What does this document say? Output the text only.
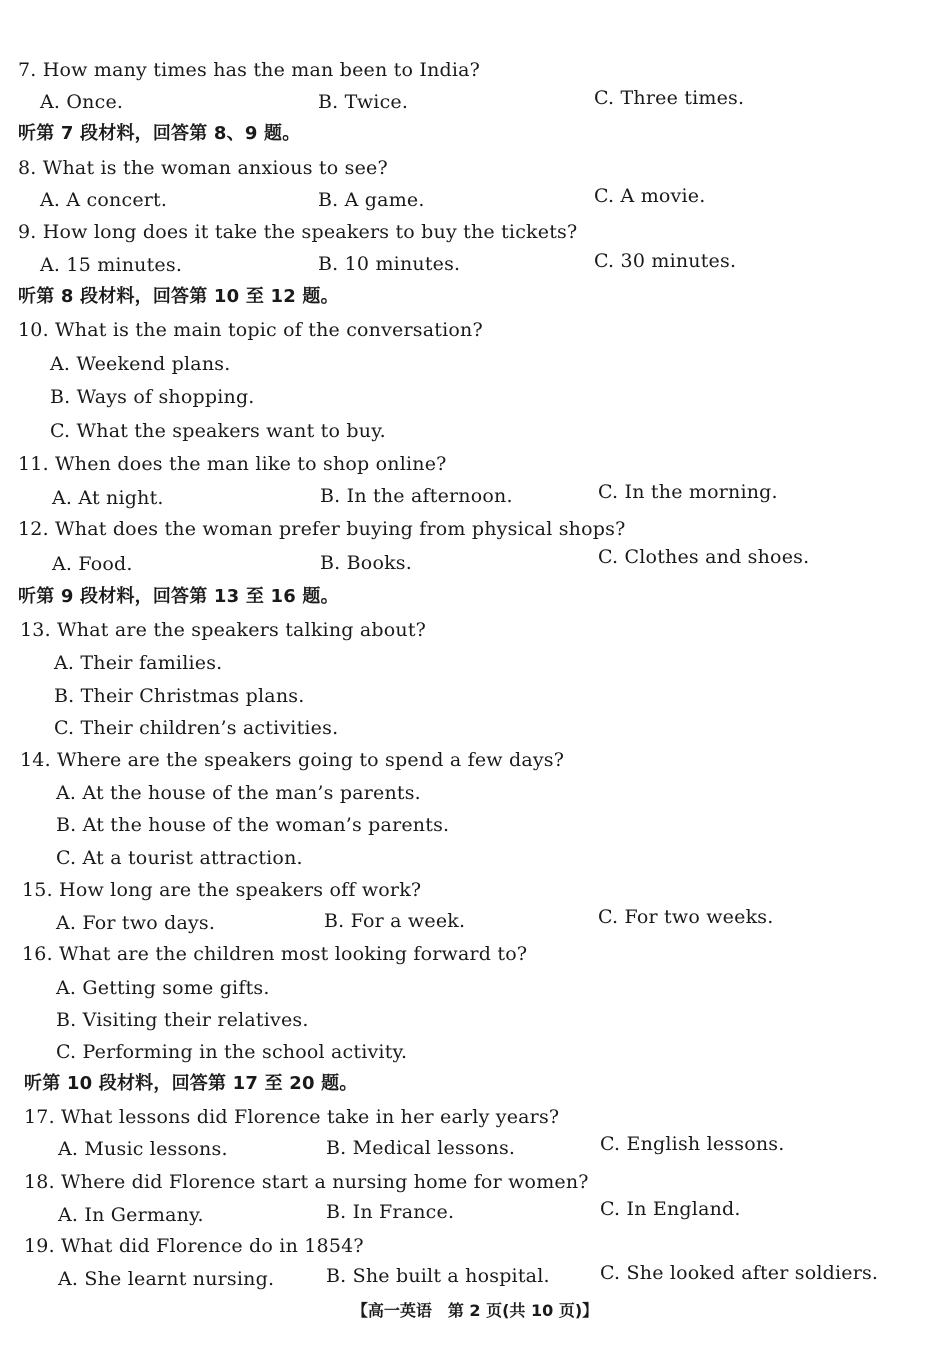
7. How many times has the man been to India?
A. Once.	B. Twice.	C. Three times.
听第 7 段材料，回答第 8、9 题。
8. What is the woman anxious to see?
A. A concert.	B. A game.	C. A movie.
9. How long does it take the speakers to buy the tickets?
A. 15 minutes.	B. 10 minutes.	C. 30 minutes.
听第 8 段材料，回答第 10 至 12 题。
10. What is the main topic of the conversation?
A. Weekend plans.
B. Ways of shopping.
C. What the speakers want to buy.
11. When does the man like to shop online?
A. At night.	B. In the afternoon.	C. In the morning.
12. What does the woman prefer buying from physical shops?
A. Food.	B. Books.	C. Clothes and shoes.
听第 9 段材料，回答第 13 至 16 题。
13. What are the speakers talking about?
A. Their families.
B. Their Christmas plans.
C. Their children’s activities.
14. Where are the speakers going to spend a few days?
A. At the house of the man’s parents.
B. At the house of the woman’s parents.
C. At a tourist attraction.
15. How long are the speakers off work?
A. For two days.	B. For a week.	C. For two weeks.
16. What are the children most looking forward to?
A. Getting some gifts.
B. Visiting their relatives.
C. Performing in the school activity.
听第 10 段材料，回答第 17 至 20 题。
17. What lessons did Florence take in her early years?
A. Music lessons.	B. Medical lessons.	C. English lessons.
18. Where did Florence start a nursing home for women?
A. In Germany.	B. In France.	C. In England.
19. What did Florence do in 1854?
A. She learnt nursing.	B. She built a hospital.	C. She looked after soldiers.
【高一英语　第 2 页(共 10 页)】
